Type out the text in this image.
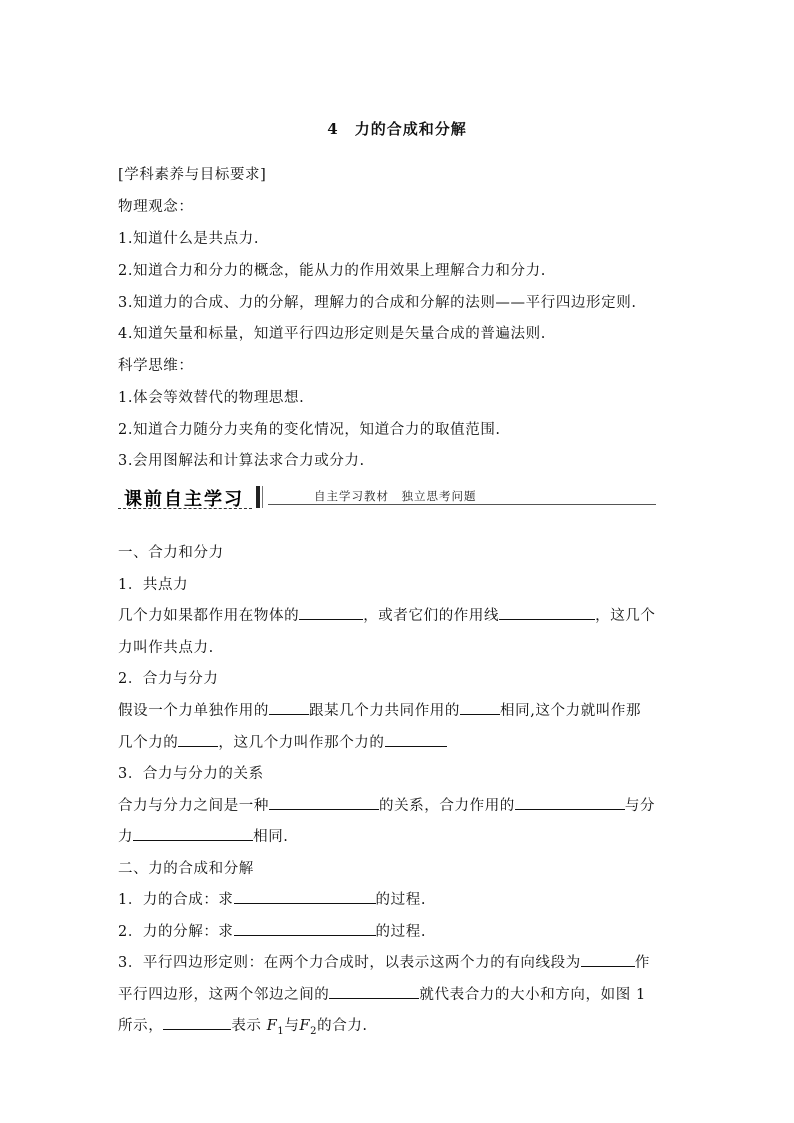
4　力的合成和分解
[学科素养与目标要求]
物理观念：
1.知道什么是共点力.
2.知道合力和分力的概念，能从力的作用效果上理解合力和分力.
3.知道力的合成、力的分解，理解力的合成和分解的法则——平行四边形定则.
4.知道矢量和标量，知道平行四边形定则是矢量合成的普遍法则.
科学思维：
1.体会等效替代的物理思想.
2.知道合力随分力夹角的变化情况，知道合力的取值范围.
3.会用图解法和计算法求合力或分力.
课前自主学习	自主学习教材　独立思考问题
一、合力和分力
1．共点力
几个力如果都作用在物体的	，或者它们的作用线	，这几个
力叫作共点力.
2．合力与分力
假设一个力单独作用的	跟某几个力共同作用的	相同,这个力就叫作那
几个力的	，这几个力叫作那个力的
3．合力与分力的关系
合力与分力之间是一种	的关系，合力作用的	与分
力	相同.
二、力的合成和分解
1．力的合成：求	的过程.
2．力的分解：求	的过程.
3．平行四边形定则：在两个力合成时，以表示这两个力的有向线段为	作
平行四边形，这两个邻边之间的	就代表合力的大小和方向，如图 1
所示，	表示 $F_1$与$F_2$的合力.
